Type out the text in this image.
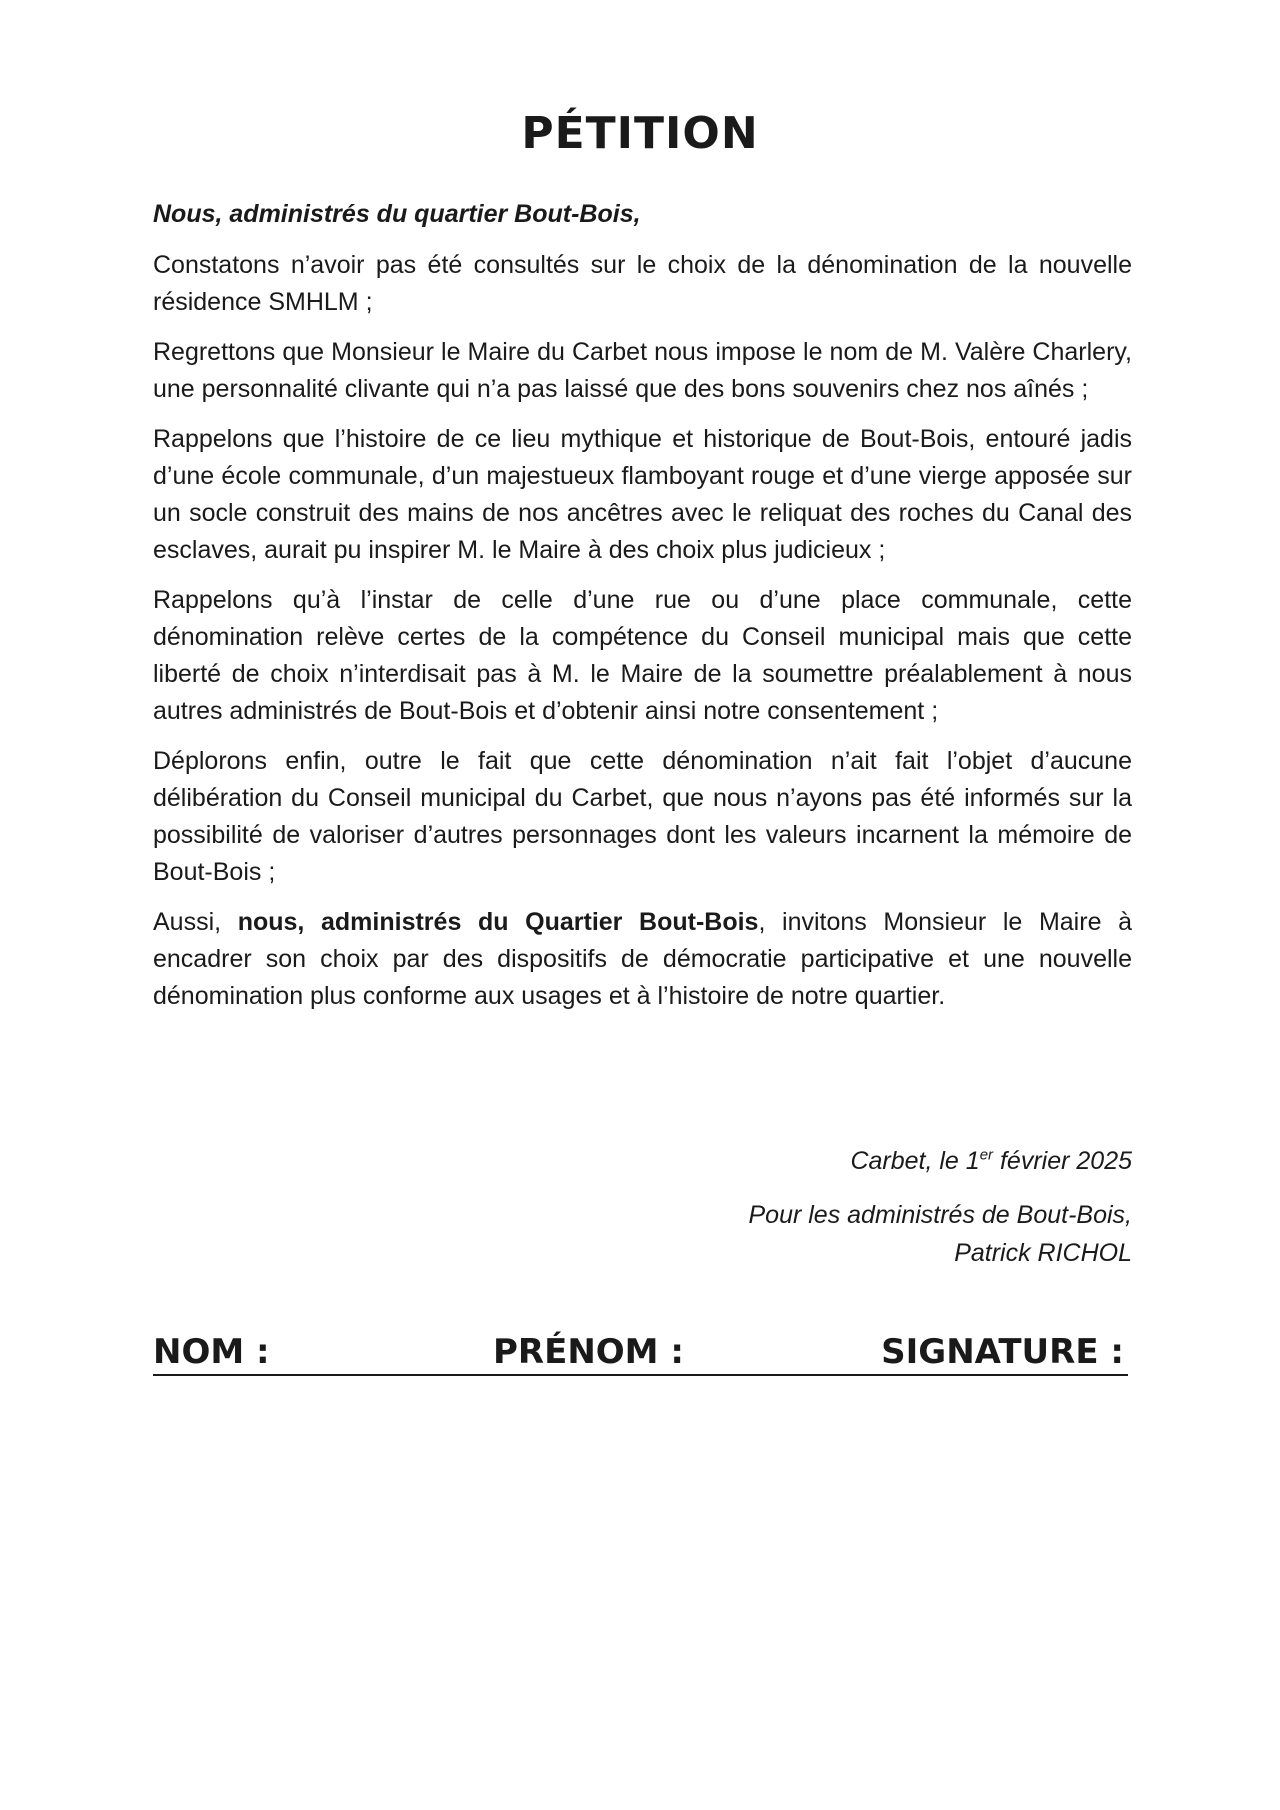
PÉTITION

Nous, administrés du quartier Bout-Bois,

Constatons n’avoir pas été consultés sur le choix de la dénomination de la nouvelle résidence SMHLM ;

Regrettons que Monsieur le Maire du Carbet nous impose le nom de M. Valère Charlery, une personnalité clivante qui n’a pas laissé que des bons souvenirs chez nos aînés ;

Rappelons que l’histoire de ce lieu mythique et historique de Bout-Bois, entouré jadis d’une école communale, d’un majestueux flamboyant rouge et d’une vierge apposée sur un socle construit des mains de nos ancêtres avec le reliquat des roches du Canal des esclaves, aurait pu inspirer M. le Maire à des choix plus judicieux ;

Rappelons qu’à l’instar de celle d’une rue ou d’une place communale, cette dénomination relève certes de la compétence du Conseil municipal mais que cette liberté de choix n’interdisait pas à M. le Maire de la soumettre préalablement à nous autres administrés de Bout-Bois et d’obtenir ainsi notre consentement ;

Déplorons enfin, outre le fait que cette dénomination n’ait fait l’objet d’aucune délibération du Conseil municipal du Carbet, que nous n’ayons pas été informés sur la possibilité de valoriser d’autres personnages dont les valeurs incarnent la mémoire de Bout-Bois ;

Aussi, nous, administrés du Quartier Bout-Bois, invitons Monsieur le Maire à encadrer son choix par des dispositifs de démocratie participative et une nouvelle dénomination plus conforme aux usages et à l’histoire de notre quartier.

Carbet, le 1er février 2025
Pour les administrés de Bout-Bois,
Patrick RICHOL
NOM :	PRÉNOM :	SIGNATURE :
